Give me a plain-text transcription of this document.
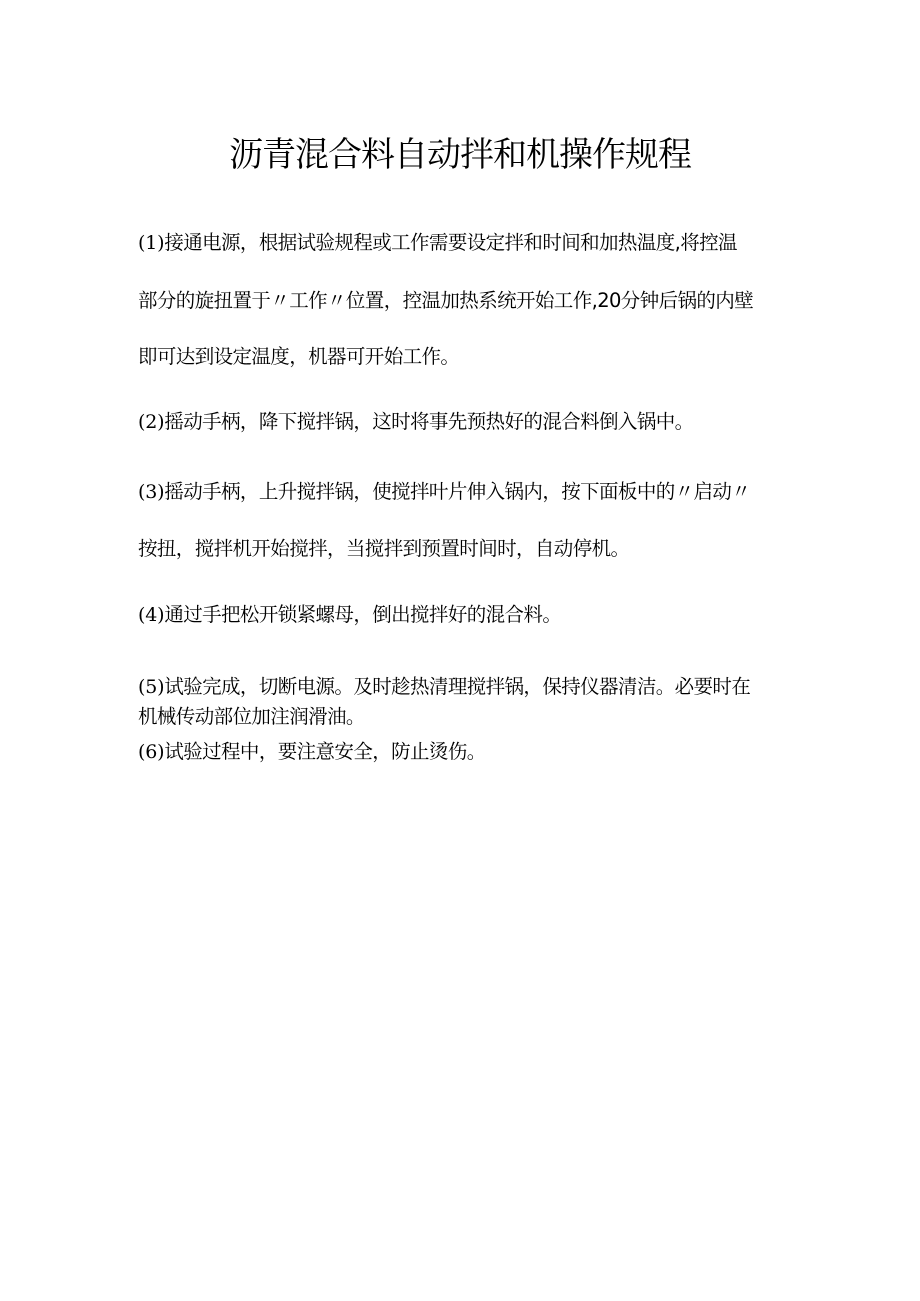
沥青混合料自动拌和机操作规程
(1)接通电源，根据试验规程或工作需要设定拌和时间和加热温度,将控温
部分的旋扭置于〃工作〃位置，控温加热系统开始工作,20分钟后锅的内壁
即可达到设定温度，机器可开始工作。
(2)摇动手柄，降下搅拌锅，这时将事先预热好的混合料倒入锅中。
(3)摇动手柄，上升搅拌锅，使搅拌叶片伸入锅内，按下面板中的〃启动〃
按扭，搅拌机开始搅拌，当搅拌到预置时间时，自动停机。
(4)通过手把松开锁紧螺母，倒出搅拌好的混合料。
(5)试验完成，切断电源。及时趁热清理搅拌锅，保持仪器清洁。必要时在
机械传动部位加注润滑油。
(6)试验过程中，要注意安全，防止烫伤。
